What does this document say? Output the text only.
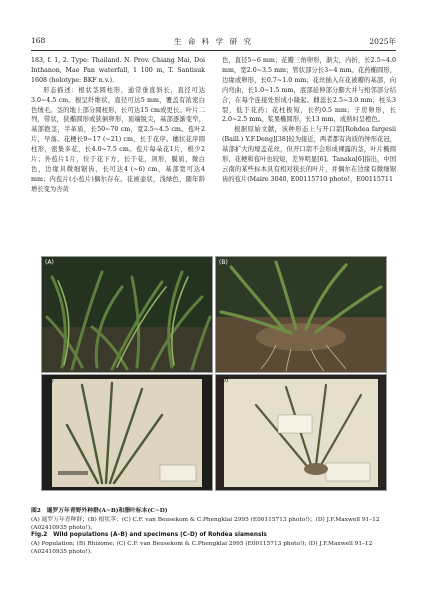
168	生 命 科 学 研 究	2025年

183, f. 1, 2. Type: Thailand. N. Prov. Chiang Mai, Doi Inthanon, Mae Pan waterfall, 1 100 m, T. Santisuk 1608 (holotype: BKF n.v.).

形态描述：根状茎圆柱形，通常垂直斜长，直径可达3.0~4.5 cm。根呈纤维状，直径可达5 mm，覆盖有浓密白色绒毛。茎的地上部分圆柱形，长可达15 cm或更长。叶片二列，带状，狭椭圆形或狭倒卵形，顶端锐尖，基部逐渐变窄，基部抱茎，半革质，长50~70 cm，宽2.5~4.5 cm。苞叶2片，早落。花梗长9~17 (~21) cm，长于花序。穗状花序圆柱形，密集多花，长4.0~7.5 cm。苞片每朵花1片，极少2片；外苞片1片，位于花下方，长于花，剑形，膜质，微白色，边缘具微细锯齿，长可达4 (~6) cm，基部宽可达4 mm；内苞片(小苞片)偶尔存在。花被壶状，浅绿色，随年龄增长变为杏黄

色，直径5~6 mm；花瓣三角卵形，渐尖，内折，长2.5~4.0 mm，宽2.0~3.5 mm；管状部分长3~4 mm。花药椭圆形，边缘或卵形，长0.7~1.0 mm；花丝插入在花被瓣的基部，向内弯曲，长1.0~1.5 mm，底部延伸部分膨大并与相邻部分结合，在每个连接处形成小隆起。雌蕊长2.5~3.0 mm；柱头3裂，低于花药；花柱极短，长约0.5 mm；子房卵形，长2.0~2.5 mm。浆果椭圆形，长13 mm，成熟时呈橙色。

根据原始文献，该种形态上与开口箭[Rohdea fargesii (Baill.) Y.F.Deng][38]较为接近，两者都有肉质的钟形花冠，基部扩大的壕盖花丝，但开口箭不会形成裸露的茎，叶片椭圆形，花梗和苞叶也较短，差异明显[6]。Tanaka[6]指出，中国云南的某些标本具有相对狭长的叶片，并偶尔在边缘有微细锯齿的苞片(Maire 3040, E00115710 photo!，E00115711

(A)	(B)
(C)	(D)
图2　暹罗万年青野外种群(A~B)和腊叶标本(C~D)
(A) 暹罗万年青种群；(B) 根状茎；(C) C.F. van Beusekom & C.Phengklai 2995 (E00115713 photo!)；(D) J.F.Maxwell 91–12 (A02410935 photo!)。
Fig.2　Wild populations (A–B) and specimens (C–D) of Rohdea siamensis
(A) Population; (B) Rhizome; (C) C.F. van Beusekom & C.Phengklai 2995 (E00115713 photo!); (D) J.F.Maxwell 91–12 (A02410935 photo!).
